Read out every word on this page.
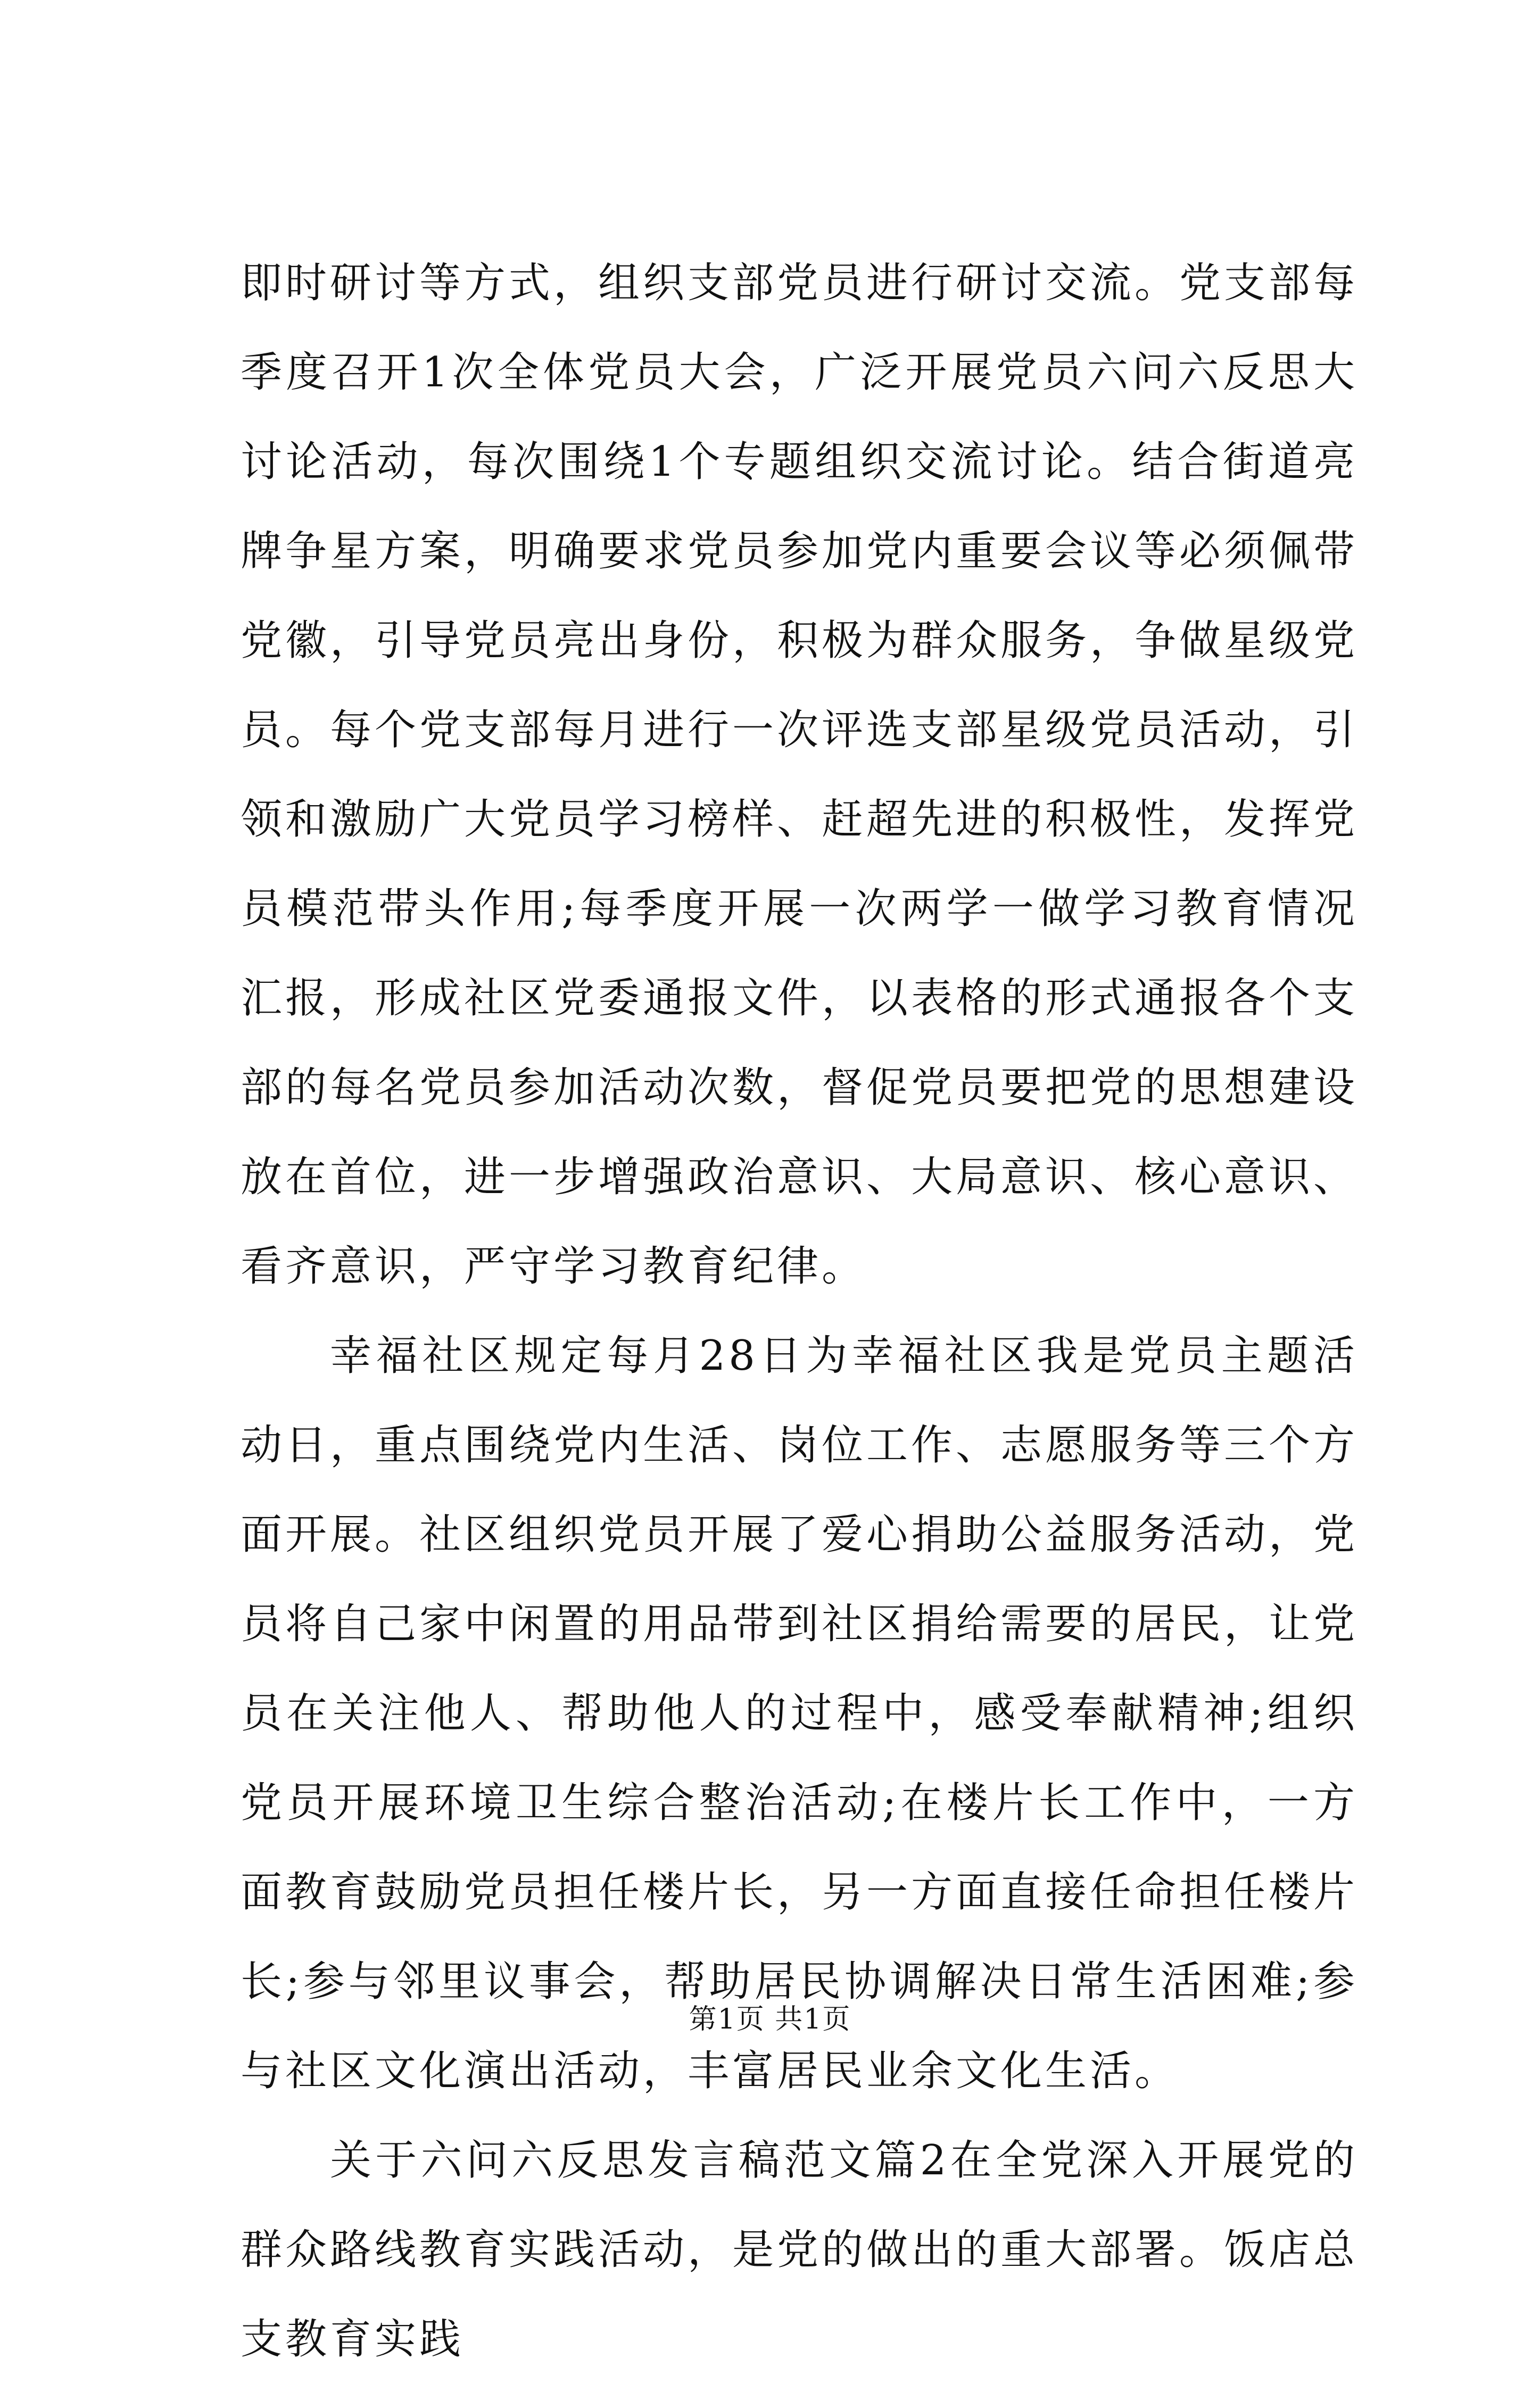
即时研讨等方式，组织支部党员进行研讨交流。党支部每季度召开1次全体党员大会，广泛开展党员六问六反思大讨论活动，每次围绕1个专题组织交流讨论。结合街道亮牌争星方案，明确要求党员参加党内重要会议等必须佩带党徽，引导党员亮出身份，积极为群众服务，争做星级党员。每个党支部每月进行一次评选支部星级党员活动，引领和激励广大党员学习榜样、赶超先进的积极性，发挥党员模范带头作用;每季度开展一次两学一做学习教育情况汇报，形成社区党委通报文件，以表格的形式通报各个支部的每名党员参加活动次数，督促党员要把党的思想建设放在首位，进一步增强政治意识、大局意识、核心意识、看齐意识，严守学习教育纪律。

幸福社区规定每月28日为幸福社区我是党员主题活动日，重点围绕党内生活、岗位工作、志愿服务等三个方面开展。社区组织党员开展了爱心捐助公益服务活动，党员将自己家中闲置的用品带到社区捐给需要的居民，让党员在关注他人、帮助他人的过程中，感受奉献精神;组织党员开展环境卫生综合整治活动;在楼片长工作中，一方面教育鼓励党员担任楼片长，另一方面直接任命担任楼片长;参与邻里议事会，帮助居民协调解决日常生活困难;参与社区文化演出活动，丰富居民业余文化生活。

关于六问六反思发言稿范文篇2在全党深入开展党的群众路线教育实践活动，是党的做出的重大部署。饭店总支教育实践

第1页 共1页
